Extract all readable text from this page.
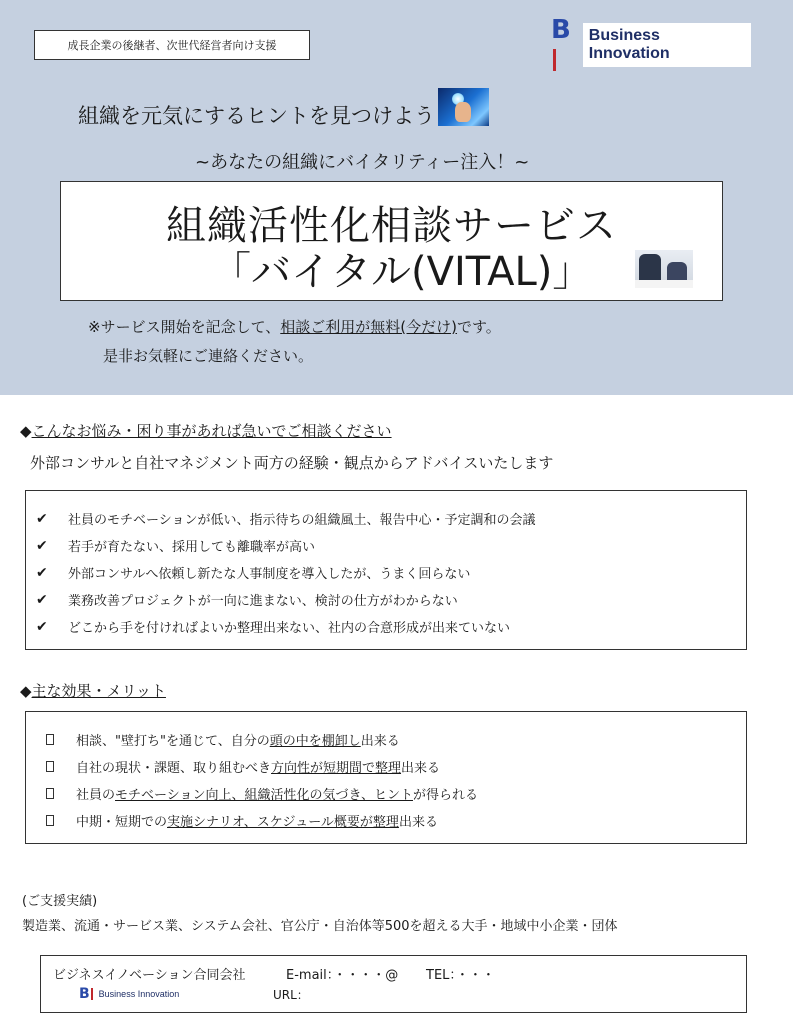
成長企業の後継者、次世代経営者向け支援
B	Business Innovation
組織を元気にするヒントを見つけよう
~あなたの組織にバイタリティー注入！~
組織活性化相談サービス
「バイタル(VITAL)」
※サービス開始を記念して、相談ご利用が無料(今だけ)です。
是非お気軽にご連絡ください。
◆こんなお悩み・困り事があれば急いでご相談ください
外部コンサルと自社マネジメント両方の経験・観点からアドバイスいたします
✔	社員のモチベーションが低い、指示待ちの組織風土、報告中心・予定調和の会議
✔	若手が育たない、採用しても離職率が高い
✔	外部コンサルへ依頼し新たな人事制度を導入したが、うまく回らない
✔	業務改善プロジェクトが一向に進まない、検討の仕方がわからない
✔	どこから手を付ければよいか整理出来ない、社内の合意形成が出来ていない
◆主な効果・メリット
相談、"壁打ち"を通じて、自分の 頭の中を棚卸し 出来る
自社の現状・課題、取り組むべき 方向性が短期間で整理 出来る
社員の モチベーション向上、組織活性化の気づき、ヒント が得られる
中期・短期での 実施シナリオ、スケジュール概要が整理 出来る
(ご支援実績)
製造業、流通・サービス業、システム会社、官公庁・自治体等500を超える大手・地域中小企業・団体
ビジネスイノベーション合同会社	E-mail：・・・・@ TEL：・・・
B	Business Innovation	URL：
